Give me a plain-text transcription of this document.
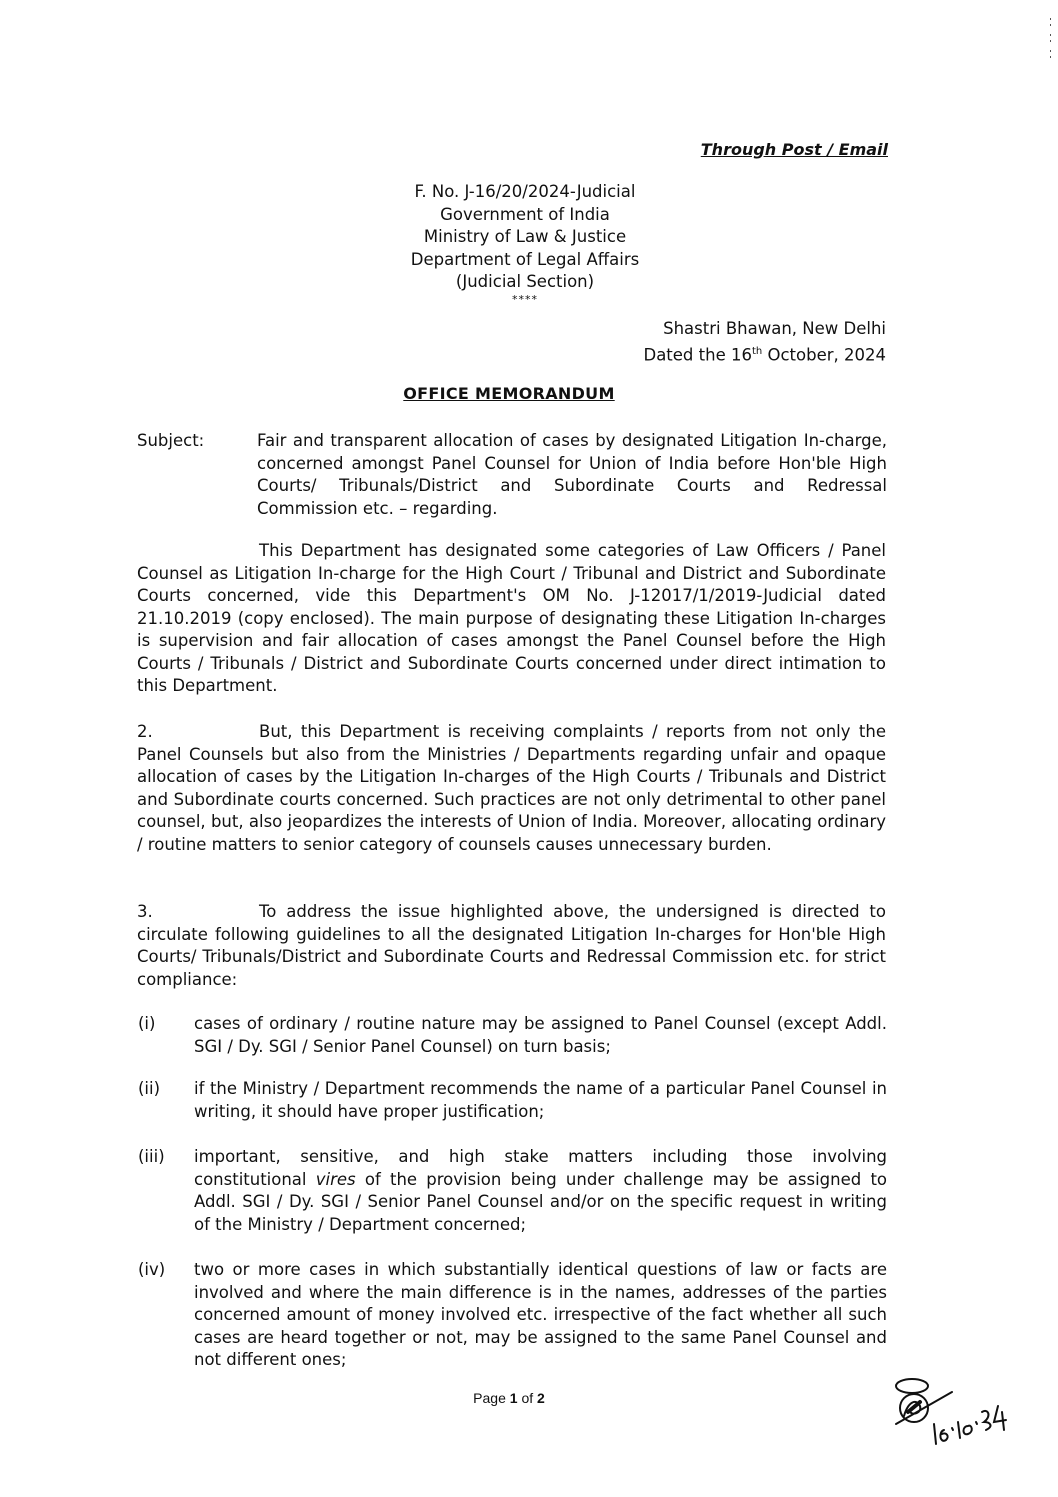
Through Post / Email
F. No. J-16/20/2024-Judicial
Government of India
Ministry of Law & Justice
Department of Legal Affairs
(Judicial Section)
****
Shastri Bhawan, New Delhi
Dated the 16th October, 2024
OFFICE MEMORANDUM
Subject:	Fair and transparent allocation of cases by designated Litigation In-charge, concerned amongst Panel Counsel for Union of India before Hon'ble High Courts/ Tribunals/District and Subordinate Courts and Redressal Commission etc. – regarding.

This Department has designated some categories of Law Officers / Panel Counsel as Litigation In-charge for the High Court / Tribunal and District and Subordinate Courts concerned, vide this Department's OM No. J-12017/1/2019-Judicial dated 21.10.2019 (copy enclosed). The main purpose of designating these Litigation In-charges is supervision and fair allocation of cases amongst the Panel Counsel before the High Courts / Tribunals / District and Subordinate Courts concerned under direct intimation to this Department.

2.	But, this Department is receiving complaints / reports from not only the Panel Counsels but also from the Ministries / Departments regarding unfair and opaque allocation of cases by the Litigation In-charges of the High Courts / Tribunals and District and Subordinate courts concerned. Such practices are not only detrimental to other panel counsel, but, also jeopardizes the interests of Union of India. Moreover, allocating ordinary / routine matters to senior category of counsels causes unnecessary burden.

3.	To address the issue highlighted above, the undersigned is directed to circulate following guidelines to all the designated Litigation In-charges for Hon'ble High Courts/ Tribunals/District and Subordinate Courts and Redressal Commission etc. for strict compliance:

(i)	cases of ordinary / routine nature may be assigned to Panel Counsel (except Addl. SGI / Dy. SGI / Senior Panel Counsel) on turn basis;
(ii)	if the Ministry / Department recommends the name of a particular Panel Counsel in writing, it should have proper justification;
(iii)	important, sensitive, and high stake matters including those involving constitutional vires of the provision being under challenge may be assigned to Addl. SGI / Dy. SGI / Senior Panel Counsel and/or on the specific request in writing of the Ministry / Department concerned;
(iv)	two or more cases in which substantially identical questions of law or facts are involved and where the main difference is in the names, addresses of the parties concerned amount of money involved etc. irrespective of the fact whether all such cases are heard together or not, may be assigned to the same Panel Counsel and not different ones;
Page 1 of 2
